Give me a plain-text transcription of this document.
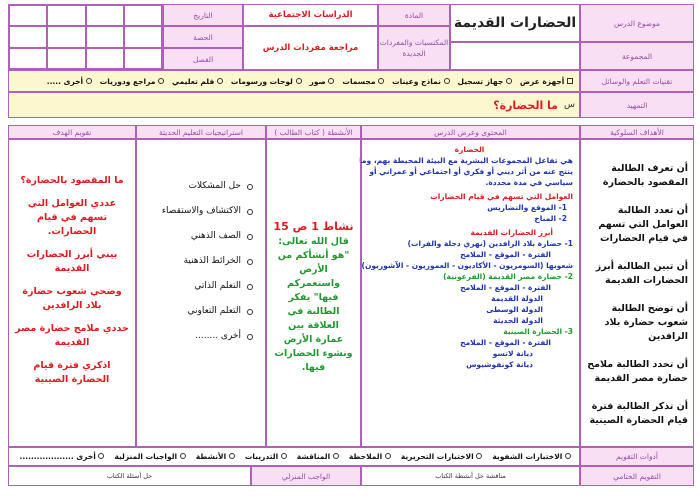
موضوع الدرس
الحضارات القديمة
المادة
الدراسات الاجتماعية
التاريخ
المكتسبات والمفردات الجديدة
مراجعة مفردات الدرس
الحصة
الفصل	المجموعة
تقنيات التعلم والوسائل
أجهزة عرض
جهاز تسجيل
نماذج وعينات
مجسمات
صور
لوحات ورسومات
فلم تعليمي
مراجع ودوريات
أخرى .....
التمهيد
س
ما الحضارة؟
الأهداف السلوكية
المحتوى وعرض الدرس
الأنشطة ( كتاب الطالب )
استراتيجيات التعليم الحديثة
تقويم الهدف
أن تعرف الطالبة المقصود بالحضارة
أن تعدد الطالبة العوامل التي تسهم في قيام الحضارات
أن تبين الطالبة أبرز الحضارات القديمة
أن توضح الطالبة شعوب حضارة بلاد الرافدين
أن تحدد الطالبة ملامح حضارة مصر القديمة
أن تذكر الطالبة فترة قيام الحضارة الصينية
الحضارة
هي تفاعل المجموعات البشرية مع البيئة المحيطة بهم، وما
ينتج عنه من أثر ديني أو فكري أو اجتماعي أو عمراني أو
سياسي في مدة محددة.
العوامل التي تسهم في قيام الحضارات
1- الموقع والتضاريس
2- المناخ
أبرز الحضارات القديمة
1- حضارة بلاد الرافدين (نهري دجلة والفرات)
الفترة - الموقع - الملامح
شعوبها (السومريون - الأكاديون - العموريون - الآشوريون)
2- حضارة مصر القديمة (الفرعونية)
الفترة - الموقع - الملامح
الدولة القديمة
الدولة الوسطى
الدولة الحديثة
3- الحضارة الصينية
الفترة - الموقع - الملامح
ديانة لاتسو
ديانة كونفوشيوس
نشاط 1 ص 15
قال الله تعالى: "هو أنشأكم من الأرض واستعمركم فيها" يفكر الطالبة في العلاقة بين عمارة الأرض ونشوء الحضارات فيها.
حل المشكلات
الاكتشاف والاستقصاء
الصف الذهني
الخرائط الذهنية
التعلم الذاتي
التعلم التعاوني
أخرى ........
ما المقصود بالحضارة؟
عددي العوامل التي تسهم في قيام الحضارات.
بيني أبرز الحضارات القديمة
وضحي شعوب حضارة بلاد الرافدين
حددي ملامح حضارة مصر القديمة
اذكري فترة قيام الحضارة الصينية
أدوات التقويم
الاختبارات الشفوية
الاختبارات التحريرية
الملاحظة
المناقشة
التدريبات
الأنشطة
الواجبات المنزلية
أخرى ...................
التقويم الختامي
مناقشة حل أنشطة الكتاب
الواجب المنزلي
حل أسئلة الكتاب
